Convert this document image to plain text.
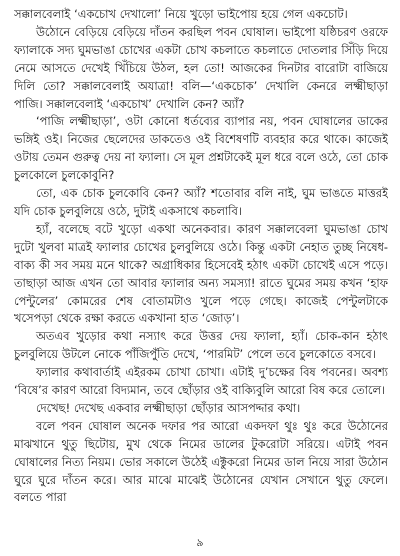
সক্কালবেলাই ‘একচোখ দেখালো’ নিয়ে খুড়ো ভাইপোয় হয়ে গেল একচোট।

উঠোনে বেড়িয়ে বেড়িয়ে দাঁতন করছিল পবন ঘোষাল। ভাইপো যষ্ঠিচরণ ওরফে ফ্যালাকে সদ্য ঘুমভাঙা চোখের একটা চোখ কচলাতে কচলাতে দোতলার সিঁড়ি দিয়ে নেমে আসতে দেখেই খিঁচিয়ে উঠল, হল তো! আজকের দিনটার বারোটা বাজিয়ে দিলি তো? সক্কালবেলাই অযাত্রা! বলি—‘একচোক’ দেখালি কেনরে লক্ষ্মীছাড়া পাজি। সক্কালবেলাই ‘একচোখ’ দেখালি কেন? অ্যাঁ?

‘পাজি লক্ষ্মীছাড়া’, ওটা কোনো ধর্তব্যের ব্যাপার নয়, পবন ঘোষালের ডাকের ভঙ্গিই ওই। নিজের ছেলেদের ডাকতেও ওই বিশেষণটি ব্যবহার করে থাকে। কাজেই ওটায় তেমন গুরুত্ব দেয় না ফ্যালা। সে মূল প্রশ্নটাকেই মূল ধরে বলে ওঠে, তো চোক চুলকোলে চুলকোবুনি?

তো, এক চোক চুলকোবি কেন? অ্যাঁ? শতোবার বলি নাই, ঘুম ভাঙতে মাত্তরই যদি চোক চুলবুলিয়ে ওঠে, দুটাই একসাথে কচলাবি।

হ্যাঁ, বলেছে বটে খুড়ো একথা অনেকবার। কারণ সক্কালবেলা ঘুমভাঙা চোখ দুটো খুলবা মাত্রই ফ্যালার চোখের চুলবুলিয়ে ওঠে। কিন্তু একটা নেহাত তুচ্ছ নিষেধ-বাক্য কী সব সময় মনে থাকে? অগ্রাধিকার হিসেবেই হঠাৎ একটা চোখেই এসে পড়ে। তাছাড়া আজ এখন তো আবার ফ্যালার অন্য সমস্যা! রাতে ঘুমের সময় কখন ‘হাফ পেন্টুলের’ কোমরের শেষ বোতামটাও খুলে পড়ে গেছে। কাজেই পেন্টুলটাকে খসেপড়া থেকে রক্ষা করতে একখানা হাত ‘জোড়’।

অতএব খুড়োর কথা নস্যাৎ করে উত্তর দেয় ফ্যালা, হ্যাঁ। চোক-কান হঠাৎ চুলবুলিয়ে উটলে নোকে পাঁজিপুঁতি দেখে, ‘পারমিট’ পেলে তবে চুলকোতে বসবে।

ফ্যালার কথাবার্তাই এইরকম চোখা চোখা। এটাই দু’চক্ষের বিষ পবনের। অবশ্য ‘বিষে’র কারণ আরো বিদ্যমান, তবে ছোঁড়ার ওই বাক্যিবুলি আরো বিষ করে তোলে।

দেখেছ! দেখেছ একবার লক্ষ্মীছাড়া ছোঁড়ার আসপদ্দার কথা।

বলে পবন ঘোষাল অনেক দফার পর আরো একদফা থুঃ থুঃ করে উঠোনের মাঝখানে থুতু ছিটোয়, মুখ থেকে নিমের ডালের টুকরোটা সরিয়ে। এটাই পবন ঘোষালের নিত্য নিয়ম। ভোর সকালে উঠেই এক্টুকরো নিমের ডাল নিয়ে সারা উঠোন ঘুরে ঘুরে দাঁতন করে। আর মাঝে মাঝেই উঠোনের যেখান সেখানে থুতু ফেলে। বলতে পারা

৯
